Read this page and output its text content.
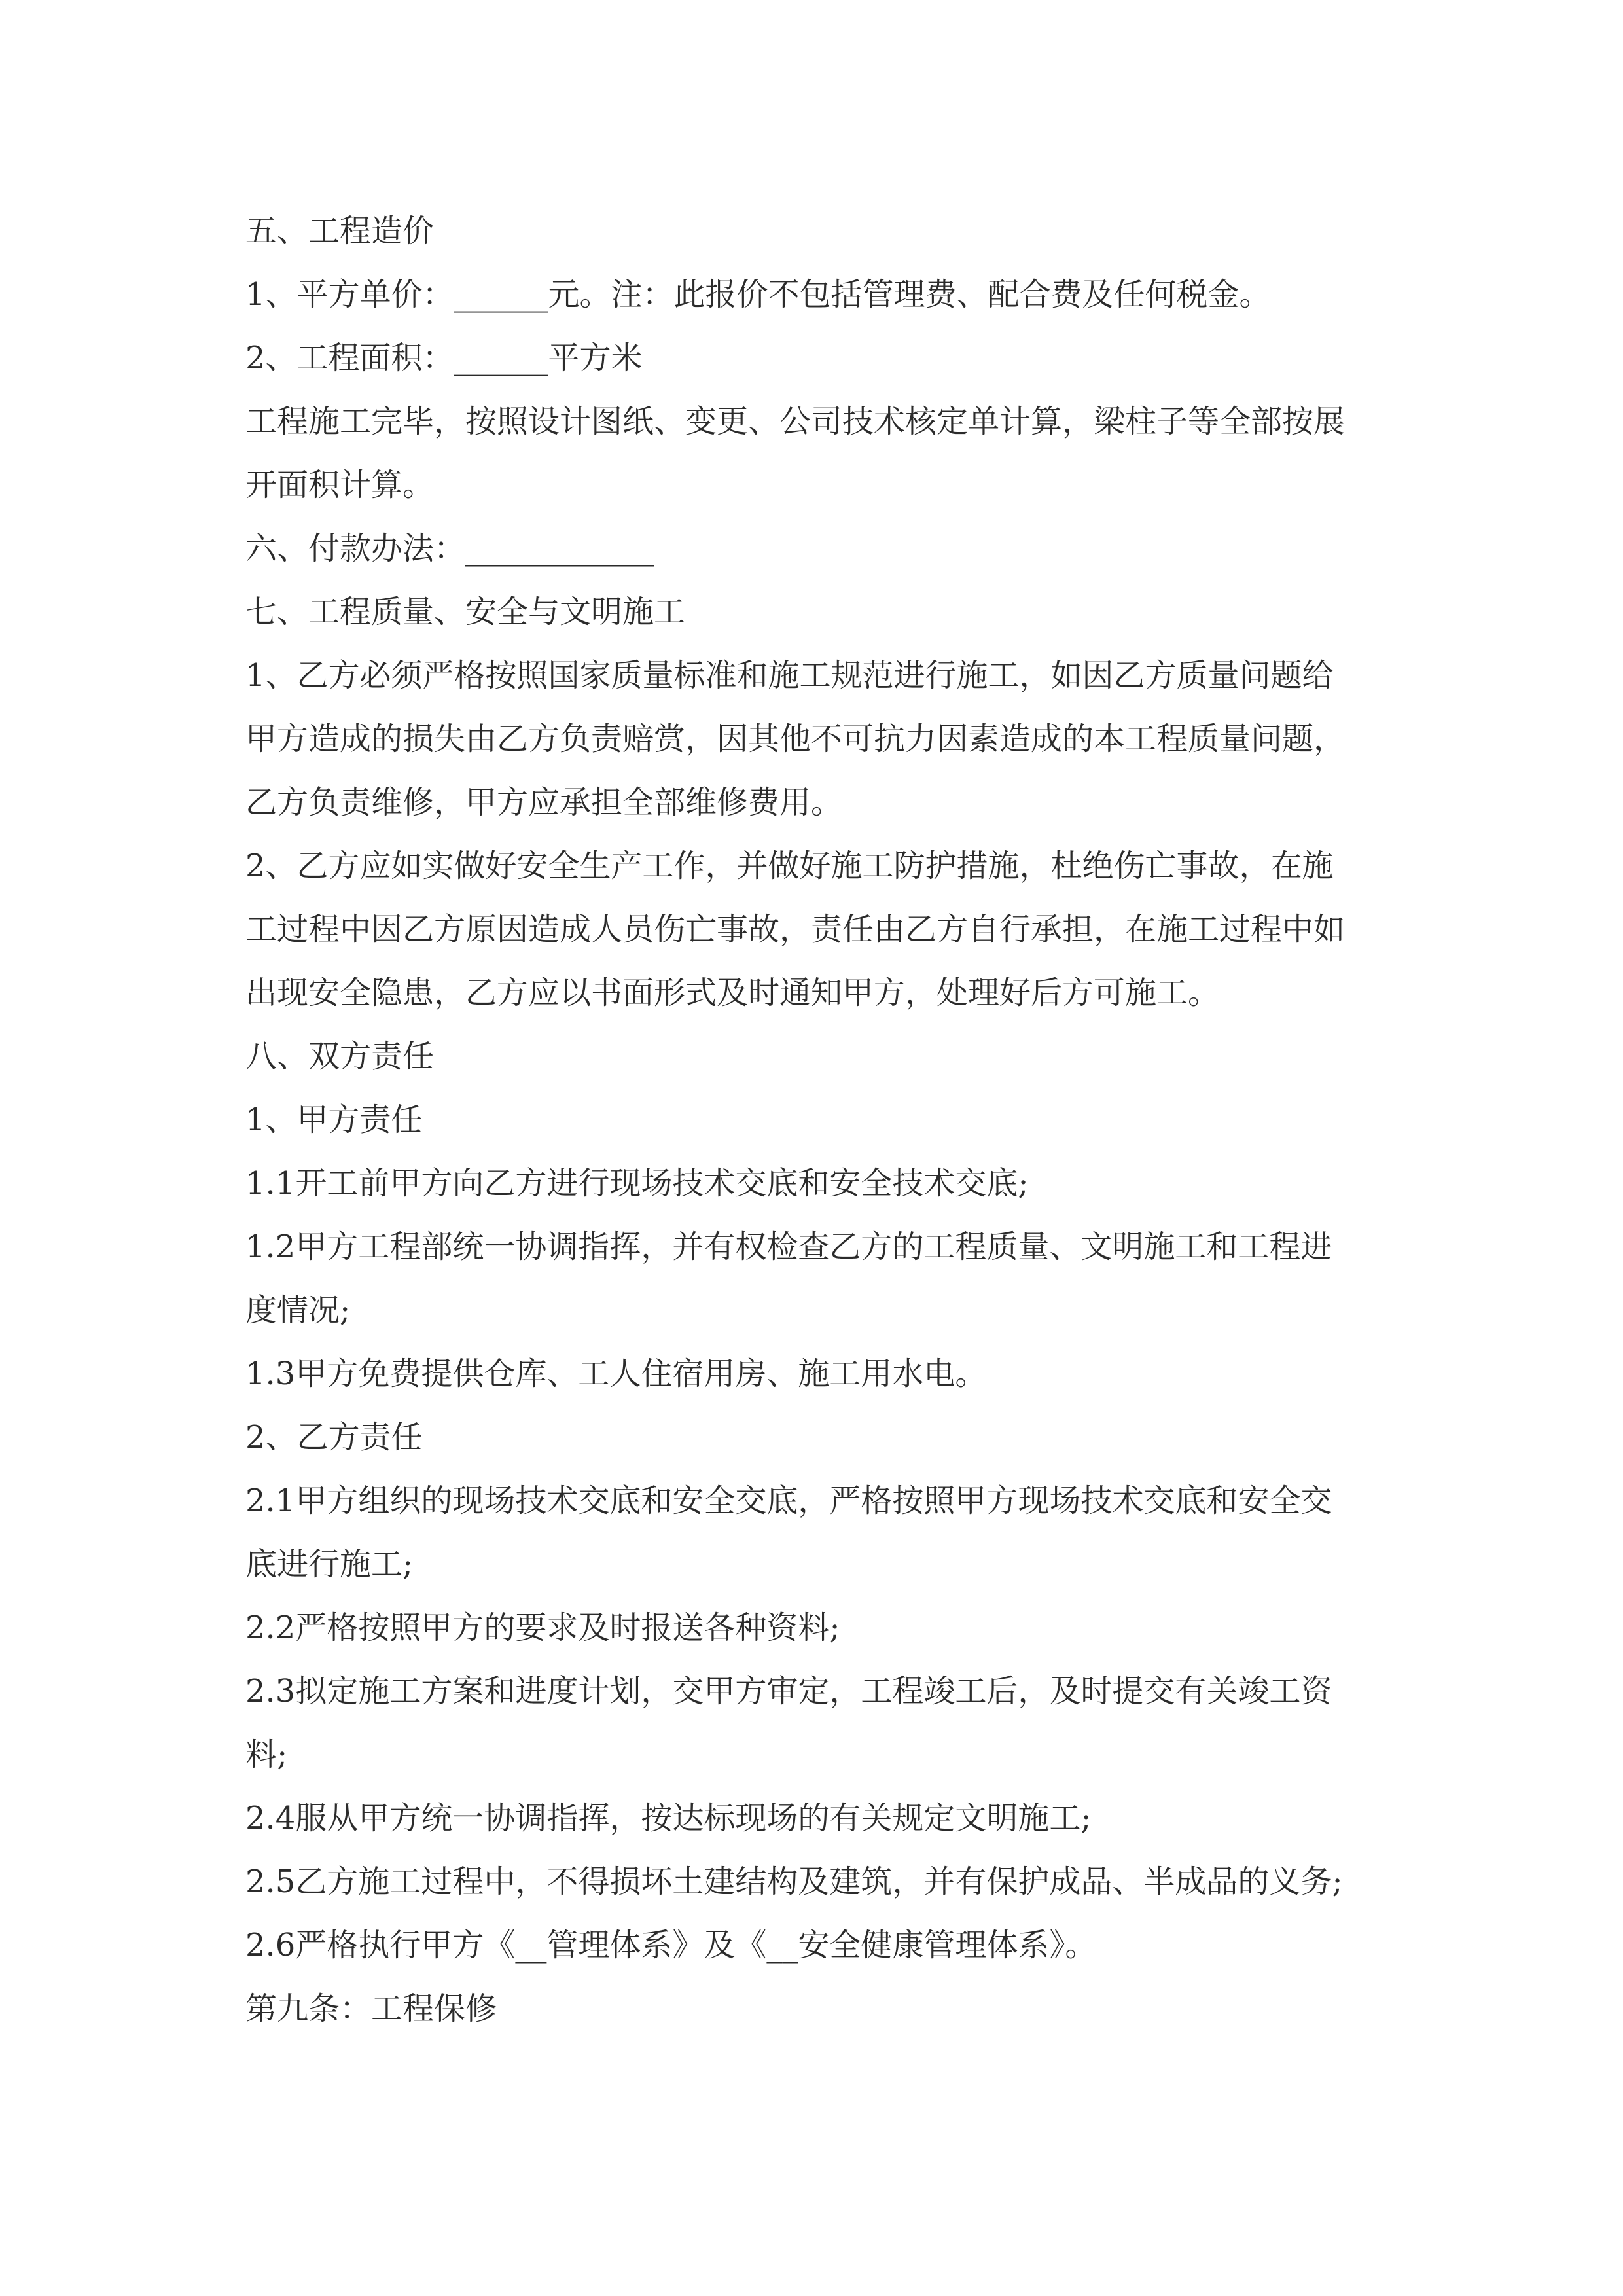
五、工程造价
1、平方单价：______元。注：此报价不包括管理费、配合费及任何税金。
2、工程面积：______平方米
工程施工完毕，按照设计图纸、变更、公司技术核定单计算，梁柱子等全部按展
开面积计算。
六、付款办法：____________
七、工程质量、安全与文明施工
1、乙方必须严格按照国家质量标准和施工规范进行施工，如因乙方质量问题给
甲方造成的损失由乙方负责赔赏，因其他不可抗力因素造成的本工程质量问题，
乙方负责维修，甲方应承担全部维修费用。
2、乙方应如实做好安全生产工作，并做好施工防护措施，杜绝伤亡事故，在施
工过程中因乙方原因造成人员伤亡事故，责任由乙方自行承担，在施工过程中如
出现安全隐患，乙方应以书面形式及时通知甲方，处理好后方可施工。
八、双方责任
1、甲方责任
1.1开工前甲方向乙方进行现场技术交底和安全技术交底;
1.2甲方工程部统一协调指挥，并有权检查乙方的工程质量、文明施工和工程进
度情况;
1.3甲方免费提供仓库、工人住宿用房、施工用水电。
2、乙方责任
2.1甲方组织的现场技术交底和安全交底，严格按照甲方现场技术交底和安全交
底进行施工;
2.2严格按照甲方的要求及时报送各种资料;
2.3拟定施工方案和进度计划，交甲方审定，工程竣工后，及时提交有关竣工资
料;
2.4服从甲方统一协调指挥，按达标现场的有关规定文明施工;
2.5乙方施工过程中，不得损坏土建结构及建筑，并有保护成品、半成品的义务;
2.6严格执行甲方《__管理体系》及《__安全健康管理体系》。
第九条：工程保修
